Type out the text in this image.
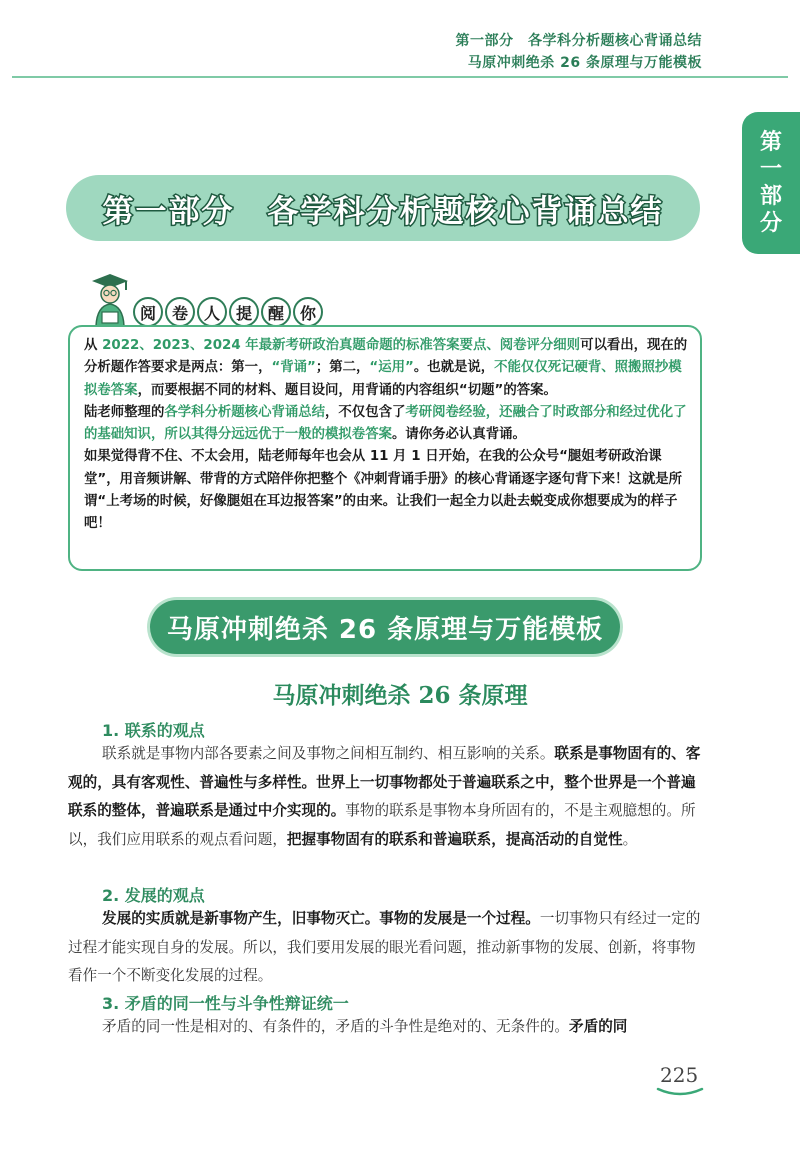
第一部分　各学科分析题核心背诵总结
马原冲刺绝杀 26 条原理与万能模板
第
一
部
分
第一部分　各学科分析题核心背诵总结
阅 卷 人 提 醒 你

从 2022、2023、2024 年最新考研政治真题命题的标准答案要点、阅卷评分细则可以看出，现在的分析题作答要求是两点：第一，“背诵”；第二，“运用”。也就是说，不能仅仅死记硬背、照搬照抄模拟卷答案，而要根据不同的材料、题目设问，用背诵的内容组织“切题”的答案。

陆老师整理的各学科分析题核心背诵总结，不仅包含了考研阅卷经验，还融合了时政部分和经过优化了的基础知识，所以其得分远远优于一般的模拟卷答案。请你务必认真背诵。

如果觉得背不住、不太会用，陆老师每年也会从 11 月 1 日开始，在我的公众号“腿姐考研政治课堂”，用音频讲解、带背的方式陪伴你把整个《冲刺背诵手册》的核心背诵逐字逐句背下来！这就是所谓“上考场的时候，好像腿姐在耳边报答案”的由来。让我们一起全力以赴去蜕变成你想要成为的样子吧！

马原冲刺绝杀 26 条原理与万能模板
马原冲刺绝杀 26 条原理
1. 联系的观点
联系就是事物内部各要素之间及事物之间相互制约、相互影响的关系。联系是事物固有的、客观的，具有客观性、普遍性与多样性。世界上一切事物都处于普遍联系之中，整个世界是一个普遍联系的整体，普遍联系是通过中介实现的。事物的联系是事物本身所固有的，不是主观臆想的。所以，我们应用联系的观点看问题，把握事物固有的联系和普遍联系，提高活动的自觉性。
2. 发展的观点
发展的实质就是新事物产生，旧事物灭亡。事物的发展是一个过程。一切事物只有经过一定的过程才能实现自身的发展。所以，我们要用发展的眼光看问题，推动新事物的发展、创新，将事物看作一个不断变化发展的过程。
3. 矛盾的同一性与斗争性辩证统一
矛盾的同一性是相对的、有条件的，矛盾的斗争性是绝对的、无条件的。矛盾的同
225
